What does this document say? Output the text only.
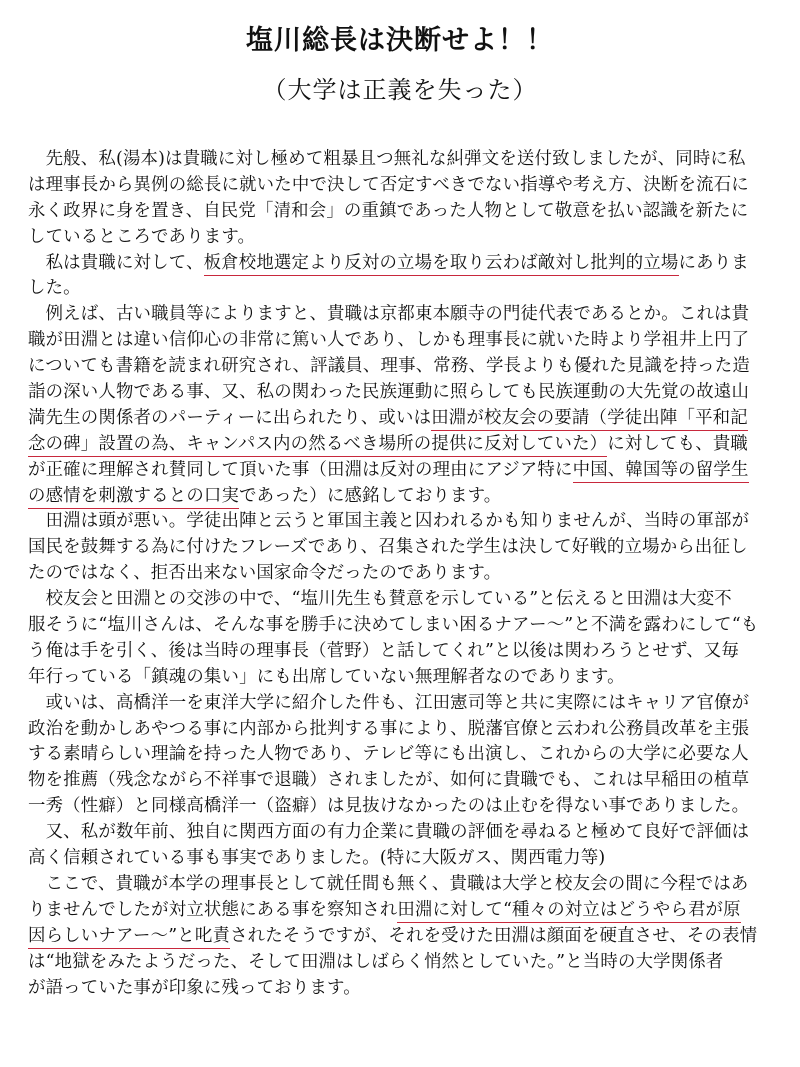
塩川総長は決断せよ！！
（大学は正義を失った）
　先般、私(湯本)は貴職に対し極めて粗暴且つ無礼な糾弾文を送付致しましたが、同時に私
は理事長から異例の総長に就いた中で決して否定すべきでない指導や考え方、決断を流石に
永く政界に身を置き、自民党「清和会」の重鎮であった人物として敬意を払い認識を新たに
しているところであります。
　私は貴職に対して、板倉校地選定より反対の立場を取り云わば敵対し批判的立場にありま
した。
　例えば、古い職員等によりますと、貴職は京都東本願寺の門徒代表であるとか。これは貴
職が田淵とは違い信仰心の非常に篤い人であり、しかも理事長に就いた時より学祖井上円了
についても書籍を読まれ研究され、評議員、理事、常務、学長よりも優れた見識を持った造
詣の深い人物である事、又、私の関わった民族運動に照らしても民族運動の大先覚の故遠山
満先生の関係者のパーティーに出られたり、或いは田淵が校友会の要請（学徒出陣「平和記
念の碑」設置の為、キャンパス内の然るべき場所の提供に反対していた）に対しても、貴職
が正確に理解され賛同して頂いた事（田淵は反対の理由にアジア特に中国、韓国等の留学生
の感情を刺激するとの口実であった）に感銘しております。
　田淵は頭が悪い。学徒出陣と云うと軍国主義と囚われるかも知りませんが、当時の軍部が
国民を鼓舞する為に付けたフレーズであり、召集された学生は決して好戦的立場から出征し
たのではなく、拒否出来ない国家命令だったのであります。
　校友会と田淵との交渉の中で、“塩川先生も賛意を示している”と伝えると田淵は大変不
服そうに“塩川さんは、そんな事を勝手に決めてしまい困るナアー～”と不満を露わにして“も
う俺は手を引く、後は当時の理事長（菅野）と話してくれ”と以後は関わろうとせず、又毎
年行っている「鎮魂の集い」にも出席していない無理解者なのであります。
　或いは、高橋洋一を東洋大学に紹介した件も、江田憲司等と共に実際にはキャリア官僚が
政治を動かしあやつる事に内部から批判する事により、脱藩官僚と云われ公務員改革を主張
する素晴らしい理論を持った人物であり、テレビ等にも出演し、これからの大学に必要な人
物を推薦（残念ながら不祥事で退職）されましたが、如何に貴職でも、これは早稲田の植草
一秀（性癖）と同様高橋洋一（盗癖）は見抜けなかったのは止むを得ない事でありました。
　又、私が数年前、独自に関西方面の有力企業に貴職の評価を尋ねると極めて良好で評価は
高く信頼されている事も事実でありました。(特に大阪ガス、関西電力等)
　ここで、貴職が本学の理事長として就任間も無く、貴職は大学と校友会の間に今程ではあ
りませんでしたが対立状態にある事を察知され田淵に対して“種々の対立はどうやら君が原
因らしいナアー～”と叱責されたそうですが、それを受けた田淵は顔面を硬直させ、その表情
は“地獄をみたようだった、そして田淵はしばらく悄然としていた。”と当時の大学関係者
が語っていた事が印象に残っております。
